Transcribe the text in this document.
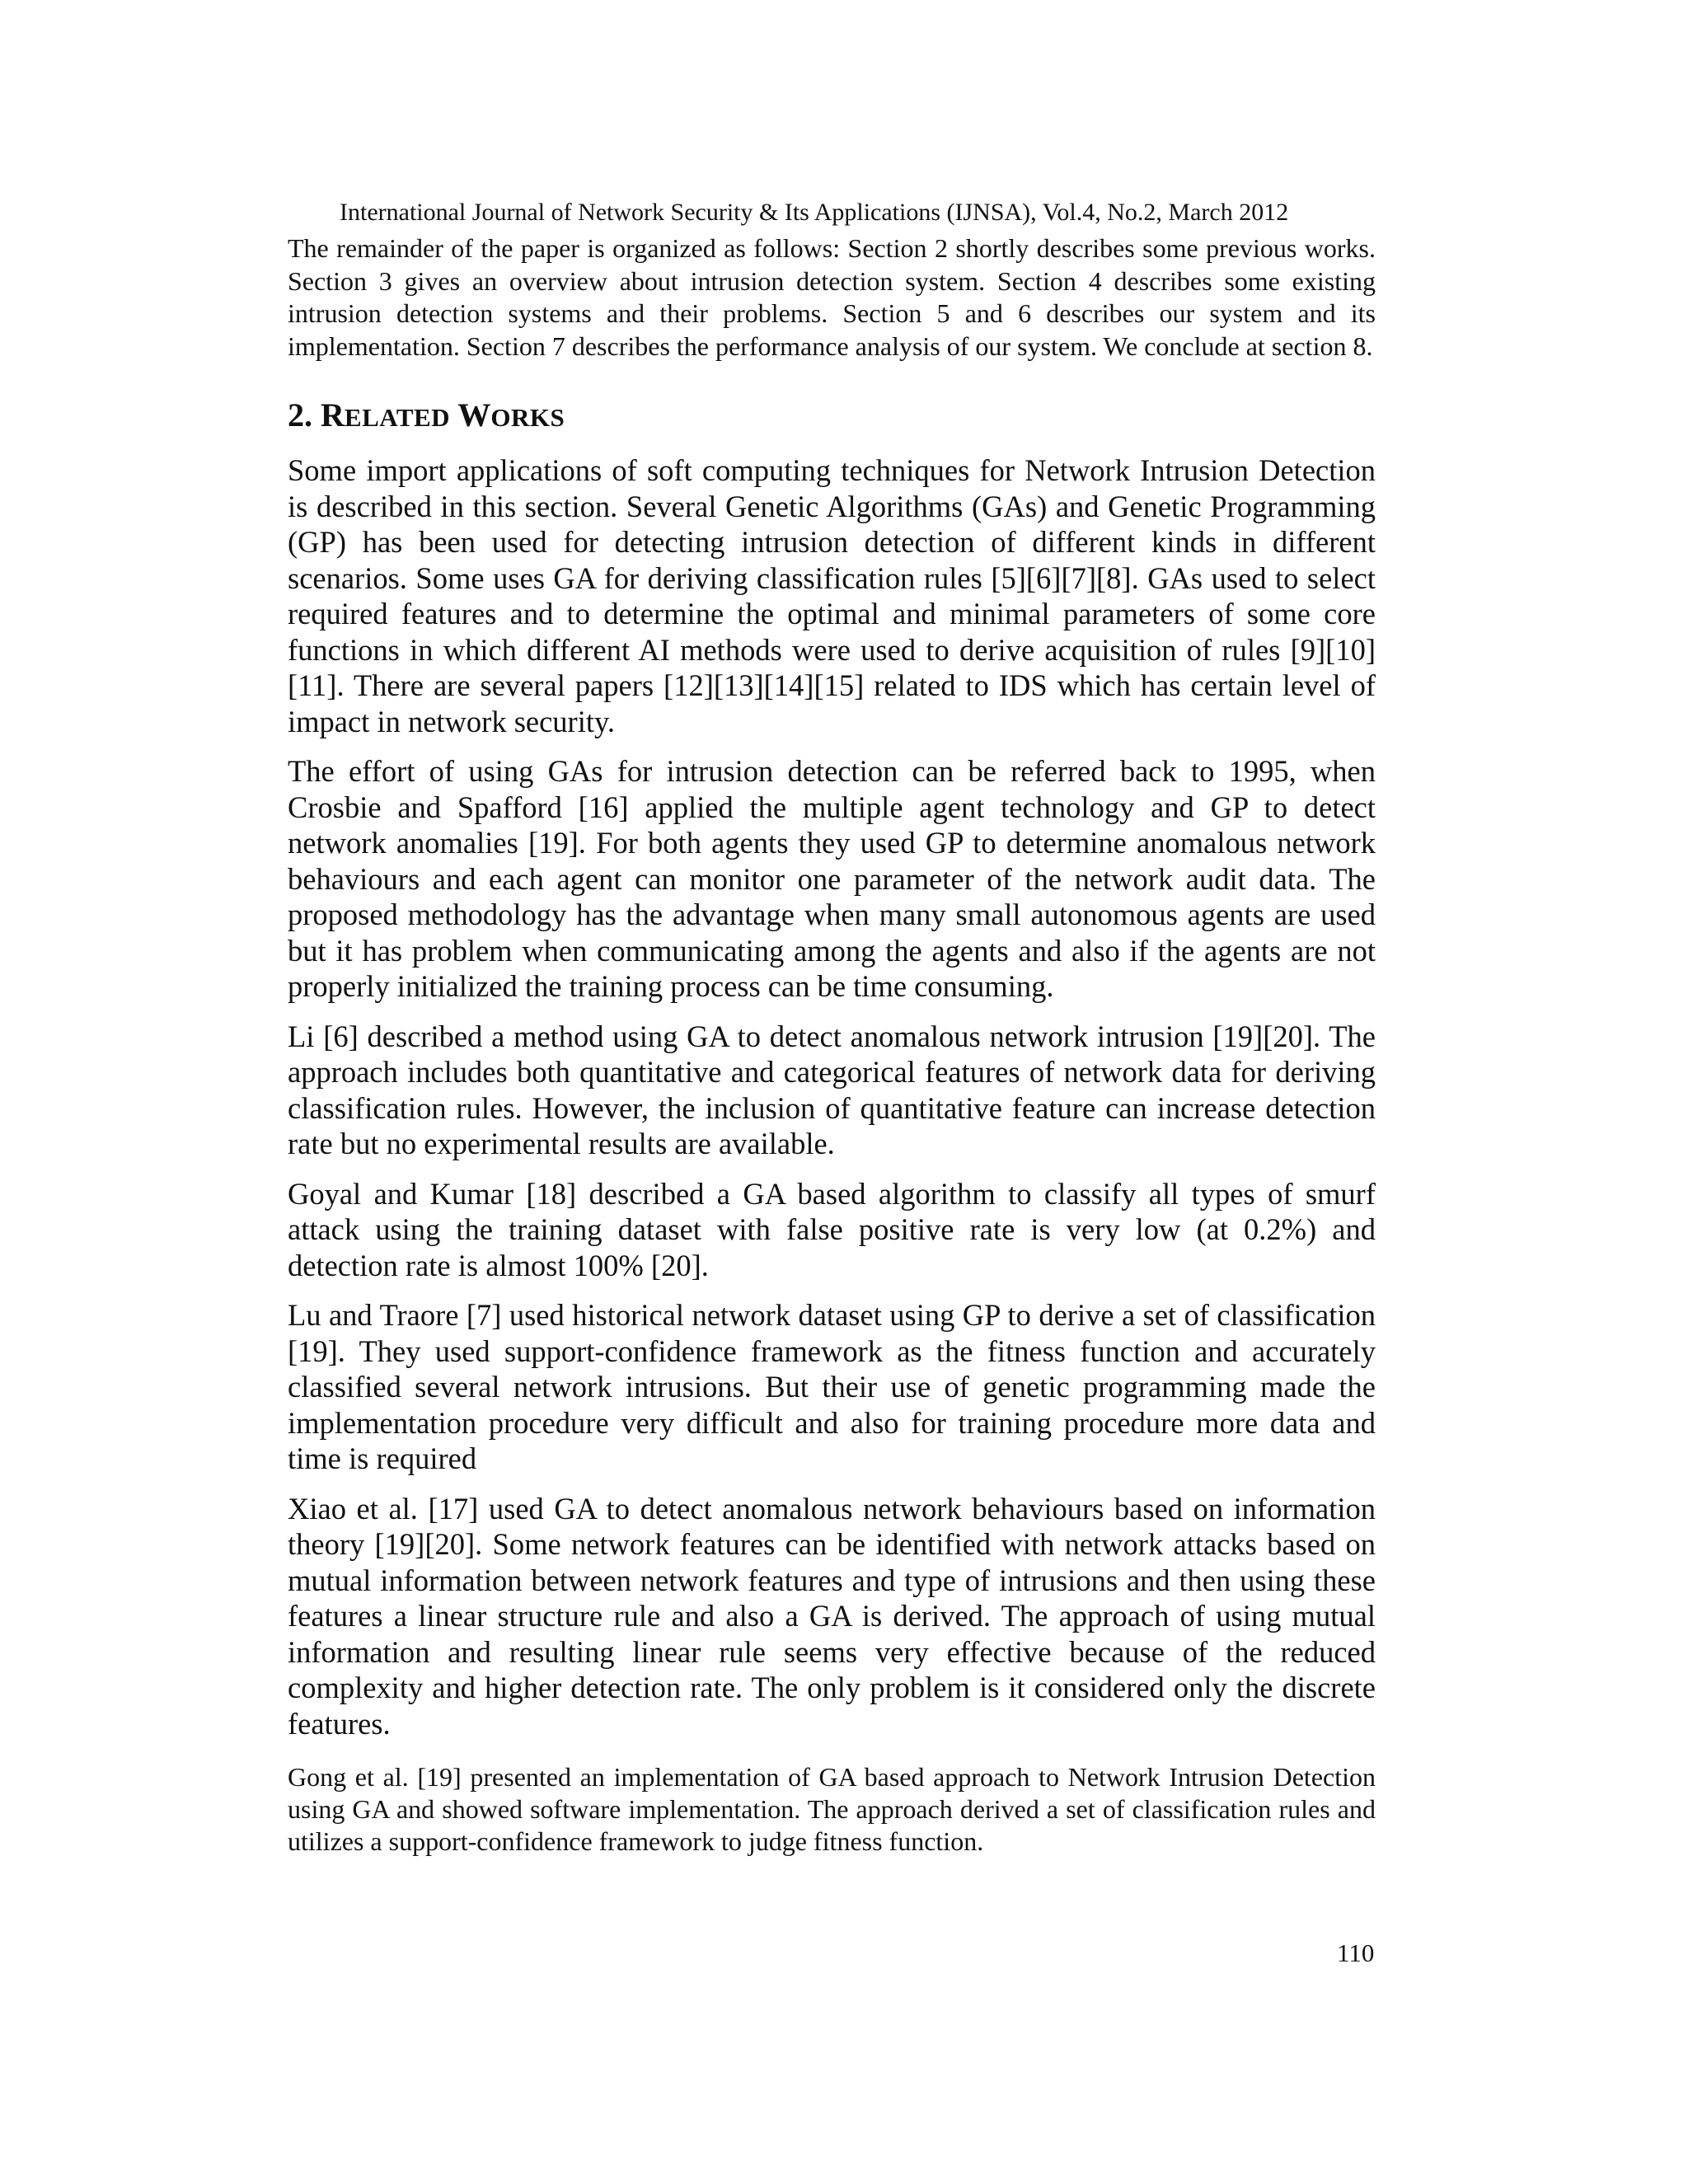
International Journal of Network Security & Its Applications (IJNSA), Vol.4, No.2, March 2012

The remainder of the paper is organized as follows: Section 2 shortly describes some previous works. Section 3 gives an overview about intrusion detection system. Section 4 describes some existing intrusion detection systems and their problems. Section 5 and 6 describes our system and its implementation. Section 7 describes the performance analysis of our system. We conclude at section 8.

2. RELATED WORKS

Some import applications of soft computing techniques for Network Intrusion Detection is described in this section. Several Genetic Algorithms (GAs) and Genetic Programming (GP) has been used for detecting intrusion detection of different kinds in different scenarios. Some uses GA for deriving classification rules [5][6][7][8]. GAs used to select required features and to determine the optimal and minimal parameters of some core functions in which different AI methods were used to derive acquisition of rules [9][10][11]. There are several papers [12][13][14][15] related to IDS which has certain level of impact in network security.

The effort of using GAs for intrusion detection can be referred back to 1995, when Crosbie and Spafford [16] applied the multiple agent technology and GP to detect network anomalies [19]. For both agents they used GP to determine anomalous network behaviours and each agent can monitor one parameter of the network audit data. The proposed methodology has the advantage when many small autonomous agents are used but it has problem when communicating among the agents and also if the agents are not properly initialized the training process can be time consuming.

Li [6] described a method using GA to detect anomalous network intrusion [19][20]. The approach includes both quantitative and categorical features of network data for deriving classification rules. However, the inclusion of quantitative feature can increase detection rate but no experimental results are available.

Goyal and Kumar [18] described a GA based algorithm to classify all types of smurf attack using the training dataset with false positive rate is very low (at 0.2%) and detection rate is almost 100% [20].

Lu and Traore [7] used historical network dataset using GP to derive a set of classification [19]. They used support-confidence framework as the fitness function and accurately classified several network intrusions. But their use of genetic programming made the implementation procedure very difficult and also for training procedure more data and time is required

Xiao et al. [17] used GA to detect anomalous network behaviours based on information theory [19][20]. Some network features can be identified with network attacks based on mutual information between network features and type of intrusions and then using these features a linear structure rule and also a GA is derived. The approach of using mutual information and resulting linear rule seems very effective because of the reduced complexity and higher detection rate. The only problem is it considered only the discrete features.

Gong et al. [19] presented an implementation of GA based approach to Network Intrusion Detection using GA and showed software implementation. The approach derived a set of classification rules and utilizes a support-confidence framework to judge fitness function.

110
